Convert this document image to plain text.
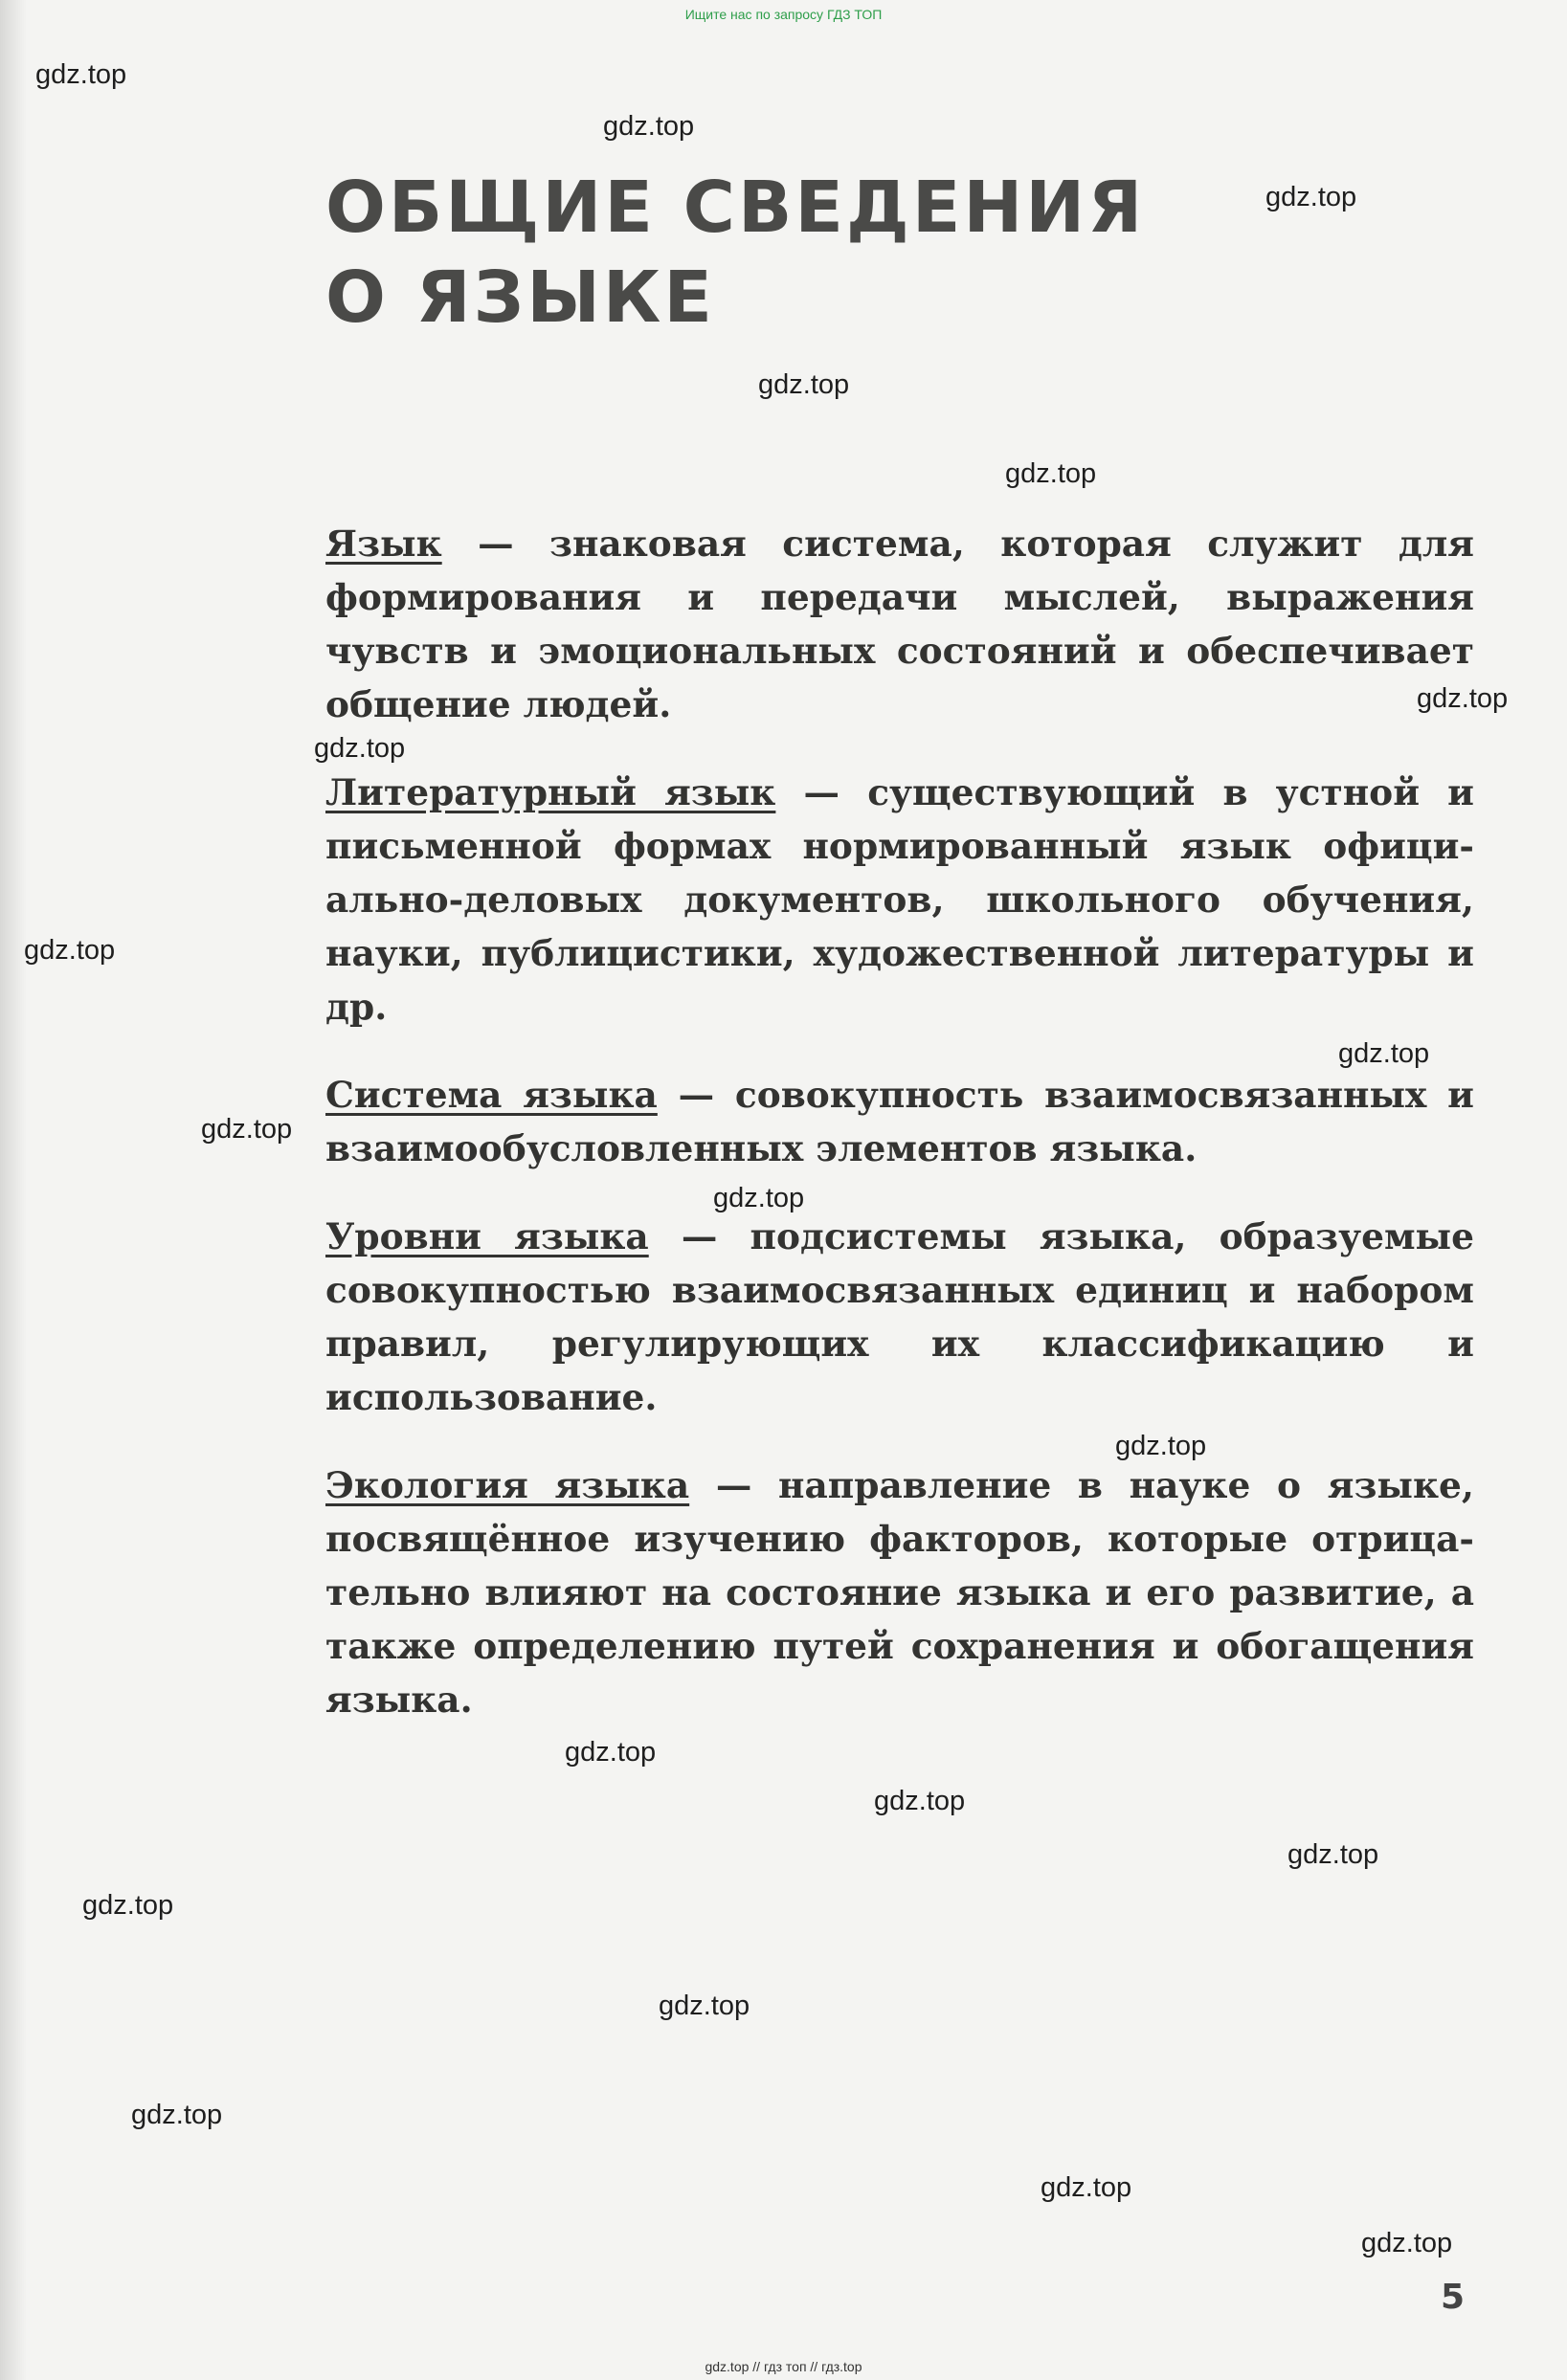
Ищите нас по запросу ГДЗ ТОП
ОБЩИЕ СВЕДЕНИЯ
О ЯЗЫКЕ

Язык — знаковая система, которая служит для формирования и передачи мыслей, выражения чувств и эмоциональных состояний и обеспечивает общение людей.

Литературный язык — существующий в устной и письменной формах нормированный язык официально-деловых документов, школьного обучения, науки, публицистики, художественной литературы и др.

Система языка — совокупность взаимосвязанных и взаимообусловленных элементов языка.

Уровни языка — подсистемы языка, образуемые совокупностью взаимосвязанных единиц и набором правил, регулирующих их классификацию и использование.

Экология языка — направление в науке о языке, посвящённое изучению факторов, которые отрицательно влияют на состояние языка и его развитие, а также определению путей сохранения и обогащения языка.

gdz.top
gdz.top
gdz.top
gdz.top
gdz.top
gdz.top
gdz.top
gdz.top
gdz.top
gdz.top
gdz.top
gdz.top
gdz.top
gdz.top
gdz.top
gdz.top
gdz.top
gdz.top
gdz.top
gdz.top
5
gdz.top // гдз топ // гдз.top
